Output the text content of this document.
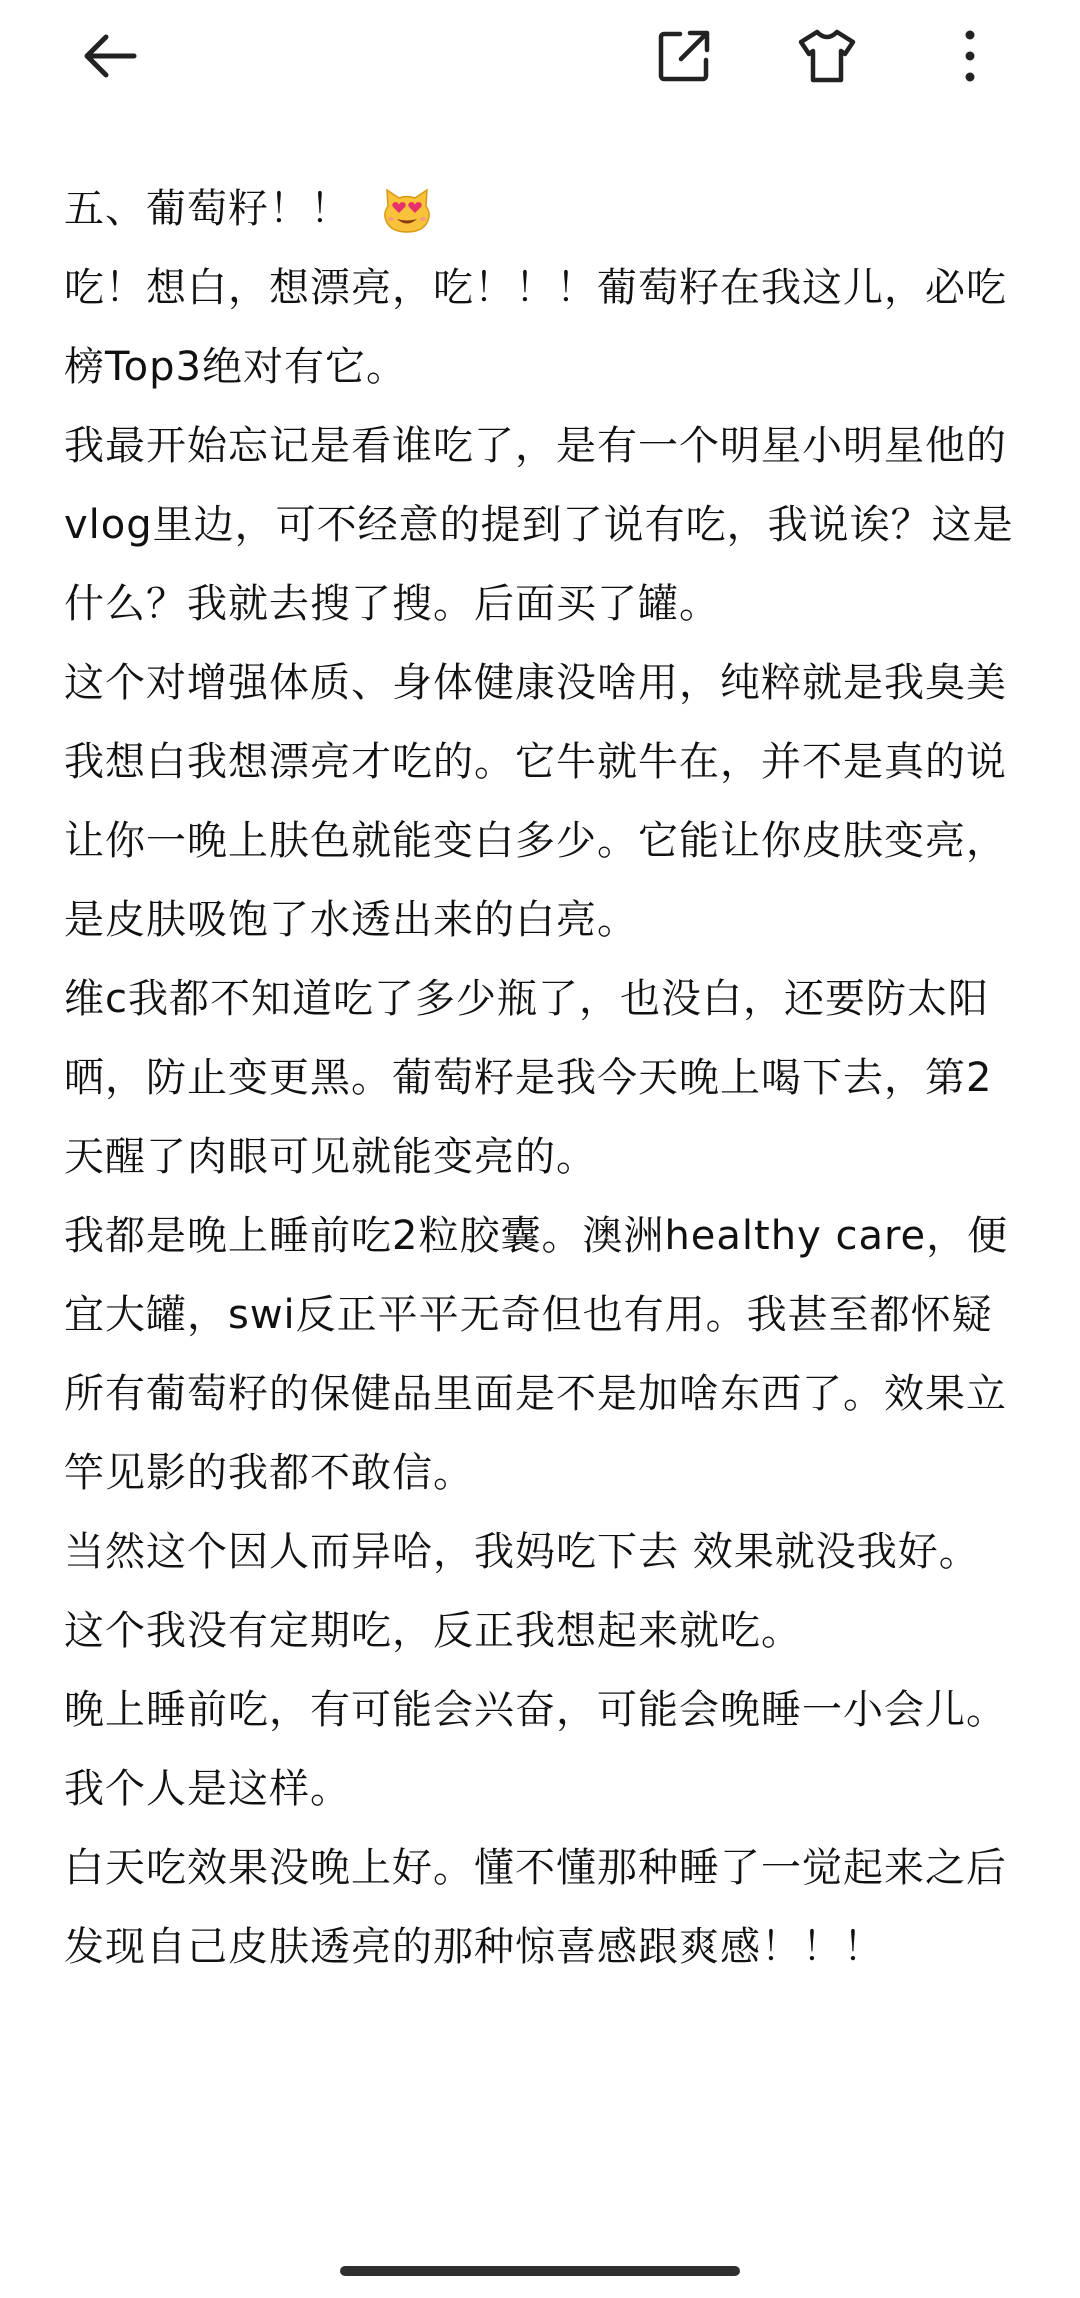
五、葡萄籽！！

吃！想白，想漂亮，吃！！！葡萄籽在我这儿，必吃榜Top3绝对有它。

我最开始忘记是看谁吃了，是有一个明星小明星他的vlog里边，可不经意的提到了说有吃，我说诶？这是什么？我就去搜了搜。后面买了罐。

这个对增强体质、身体健康没啥用，纯粹就是我臭美我想白我想漂亮才吃的。它牛就牛在，并不是真的说让你一晚上肤色就能变白多少。它能让你皮肤变亮，是皮肤吸饱了水透出来的白亮。

维c我都不知道吃了多少瓶了，也没白，还要防太阳晒，防止变更黑。葡萄籽是我今天晚上喝下去，第2天醒了肉眼可见就能变亮的。

我都是晚上睡前吃2粒胶囊。澳洲healthy care，便宜大罐，swi反正平平无奇但也有用。我甚至都怀疑所有葡萄籽的保健品里面是不是加啥东西了。效果立竿见影的我都不敢信。

当然这个因人而异哈，我妈吃下去 效果就没我好。

这个我没有定期吃，反正我想起来就吃。

晚上睡前吃，有可能会兴奋，可能会晚睡一小会儿。我个人是这样。

白天吃效果没晚上好。懂不懂那种睡了一觉起来之后发现自己皮肤透亮的那种惊喜感跟爽感！！！
